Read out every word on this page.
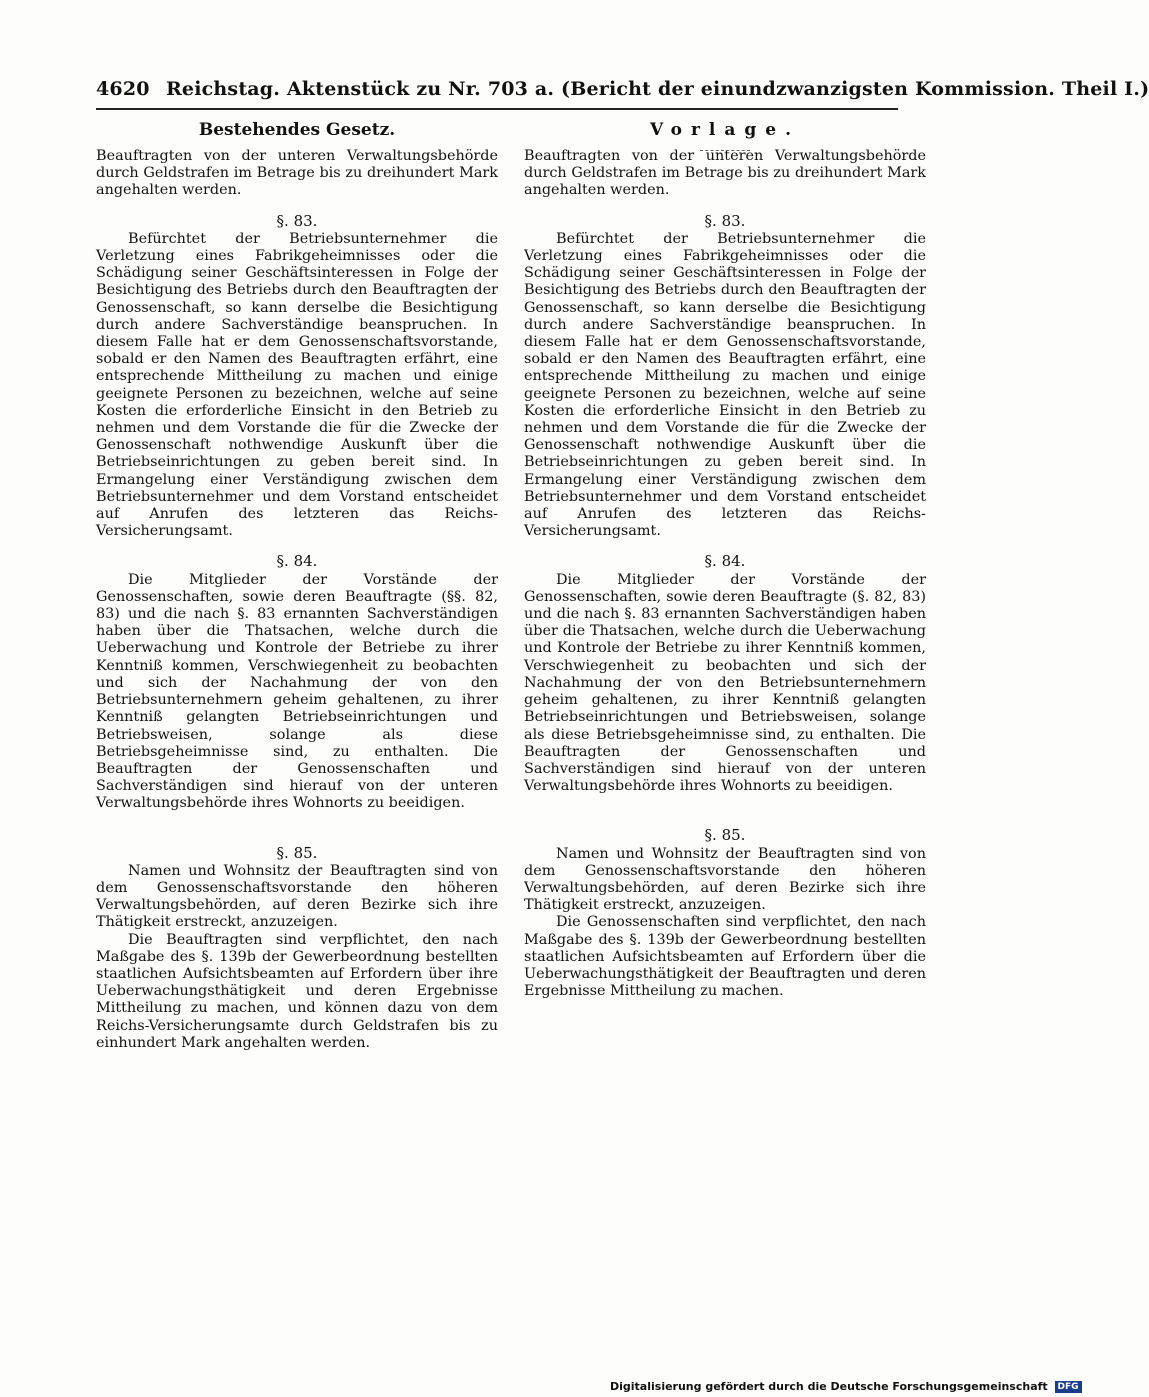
4620 Reichstag. Aktenstück zu Nr. 703 a. (Bericht der einundzwanzigsten Kommission. Theil I.)
Bestehendes Gesetz.

Beauftragten von der unteren Verwaltungsbehörde durch Geldstrafen im Betrage bis zu dreihundert Mark angehalten werden.

§. 83.

Befürchtet der Betriebsunternehmer die Verletzung eines Fabrikgeheimnisses oder die Schädigung seiner Geschäftsinteressen in Folge der Besichtigung des Betriebs durch den Beauftragten der Genossenschaft, so kann derselbe die Besichtigung durch andere Sachverständige beanspruchen. In diesem Falle hat er dem Genossenschaftsvorstande, sobald er den Namen des Beauftragten erfährt, eine entsprechende Mittheilung zu machen und einige geeignete Personen zu bezeichnen, welche auf seine Kosten die erforderliche Einsicht in den Betrieb zu nehmen und dem Vorstande die für die Zwecke der Genossenschaft nothwendige Auskunft über die Betriebseinrichtungen zu geben bereit sind. In Ermangelung einer Verständigung zwischen dem Betriebsunternehmer und dem Vorstand entscheidet auf Anrufen des letzteren das Reichs-Versicherungsamt.

§. 84.

Die Mitglieder der Vorstände der Genossenschaften, sowie deren Beauftragte (§§. 82, 83) und die nach §. 83 ernannten Sachverständigen haben über die Thatsachen, welche durch die Ueberwachung und Kontrole der Betriebe zu ihrer Kenntniß kommen, Verschwiegenheit zu beobachten und sich der Nachahmung der von den Betriebsunternehmern geheim gehaltenen, zu ihrer Kenntniß gelangten Betriebseinrichtungen und Betriebsweisen, solange als diese Betriebsgeheimnisse sind, zu enthalten. Die Beauftragten der Genossenschaften und Sachverständigen sind hierauf von der unteren Verwaltungsbehörde ihres Wohnorts zu beeidigen.

§. 85.

Namen und Wohnsitz der Beauftragten sind von dem Genossenschaftsvorstande den höheren Verwaltungsbehörden, auf deren Bezirke sich ihre Thätigkeit erstreckt, anzuzeigen.

Die Beauftragten sind verpflichtet, den nach Maßgabe des §. 139b der Gewerbeordnung bestellten staatlichen Aufsichtsbeamten auf Erfordern über ihre Ueberwachungsthätigkeit und deren Ergebnisse Mittheilung zu machen, und können dazu von dem Reichs-Versicherungsamte durch Geldstrafen bis zu einhundert Mark angehalten werden.

Vorlage.

Beauftragten von der unteren Verwaltungsbehörde durch Geldstrafen im Betrage bis zu dreihundert Mark angehalten werden.

§. 83.

Befürchtet der Betriebsunternehmer die Verletzung eines Fabrikgeheimnisses oder die Schädigung seiner Geschäftsinteressen in Folge der Besichtigung des Betriebs durch den Beauftragten der Genossenschaft, so kann derselbe die Besichtigung durch andere Sachverständige beanspruchen. In diesem Falle hat er dem Genossenschaftsvorstande, sobald er den Namen des Beauftragten erfährt, eine entsprechende Mittheilung zu machen und einige geeignete Personen zu bezeichnen, welche auf seine Kosten die erforderliche Einsicht in den Betrieb zu nehmen und dem Vorstande die für die Zwecke der Genossenschaft nothwendige Auskunft über die Betriebseinrichtungen zu geben bereit sind. In Ermangelung einer Verständigung zwischen dem Betriebsunternehmer und dem Vorstand entscheidet auf Anrufen des letzteren das Reichs-Versicherungsamt.

§. 84.

Die Mitglieder der Vorstände der Genossenschaften, sowie deren Beauftragte (§. 82, 83) und die nach §. 83 ernannten Sachverständigen haben über die Thatsachen, welche durch die Ueberwachung und Kontrole der Betriebe zu ihrer Kenntniß kommen, Verschwiegenheit zu beobachten und sich der Nachahmung der von den Betriebsunternehmern geheim gehaltenen, zu ihrer Kenntniß gelangten Betriebseinrichtungen und Betriebsweisen, solange als diese Betriebsgeheimnisse sind, zu enthalten. Die Beauftragten der Genossenschaften und Sachverständigen sind hierauf von der unteren Verwaltungsbehörde ihres Wohnorts zu beeidigen.

§. 85.

Namen und Wohnsitz der Beauftragten sind von dem Genossenschaftsvorstande den höheren Verwaltungsbehörden, auf deren Bezirke sich ihre Thätigkeit erstreckt, anzuzeigen.

Die Genossenschaften sind verpflichtet, den nach Maßgabe des §. 139b der Gewerbeordnung bestellten staatlichen Aufsichtsbeamten auf Erfordern über die Ueberwachungsthätigkeit der Beauftragten und deren Ergebnisse Mittheilung zu machen.

Digitalisierung gefördert durch die Deutsche Forschungsgemeinschaft DFG
